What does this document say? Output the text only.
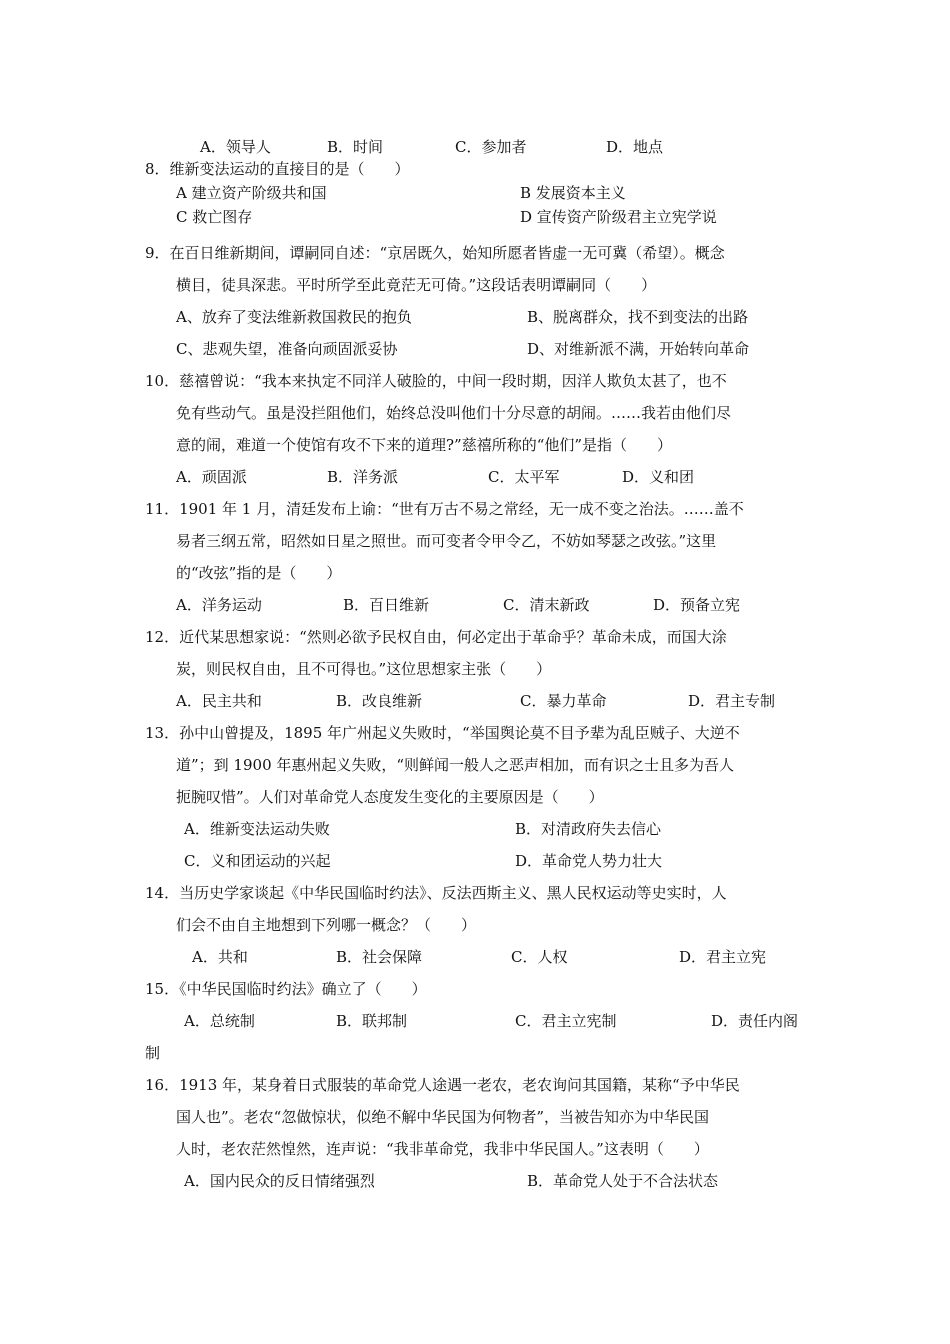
A．领导人	B．时间	C．参加者	D．地点
8．维新变法运动的直接目的是（　　）
A 建立资产阶级共和国	B 发展资本主义
C 救亡图存	D 宣传资产阶级君主立宪学说
9．在百日维新期间，谭嗣同自述：“京居既久，始知所愿者皆虚一无可冀（希望）。概念
横目，徒具深悲。平时所学至此竟茫无可倚。”这段话表明谭嗣同（　　）
A、放弃了变法维新救国救民的抱负	B、脱离群众，找不到变法的出路
C、悲观失望，准备向顽固派妥协	D、对维新派不满，开始转向革命
10．慈禧曾说：“我本来执定不同洋人破脸的，中间一段时期，因洋人欺负太甚了，也不
免有些动气。虽是没拦阻他们，始终总没叫他们十分尽意的胡闹。……我若由他们尽
意的闹，难道一个使馆有攻不下来的道理?”慈禧所称的“他们”是指（　　）
A．顽固派	B．洋务派	C．太平军	D．义和团
11．1901 年 1 月，清廷发布上谕：“世有万古不易之常经，无一成不变之治法。……盖不
易者三纲五常，昭然如日星之照世。而可变者令甲令乙，不妨如琴瑟之改弦。”这里
的“改弦”指的是（　　）
A．洋务运动	B．百日维新	C．清末新政	D．预备立宪
12．近代某思想家说：“然则必欲予民权自由，何必定出于革命乎？革命未成，而国大涂
炭，则民权自由，且不可得也。”这位思想家主张（　　）
A．民主共和	B．改良维新	C．暴力革命	D．君主专制
13．孙中山曾提及，1895 年广州起义失败时，“举国舆论莫不目予辈为乱臣贼子、大逆不
道”；到 1900 年惠州起义失败，“则鲜闻一般人之恶声相加，而有识之士且多为吾人
扼腕叹惜”。人们对革命党人态度发生变化的主要原因是（　　）
A．维新变法运动失败	B．对清政府失去信心
C．义和团运动的兴起	D．革命党人势力壮大
14．当历史学家谈起《中华民国临时约法》、反法西斯主义、黑人民权运动等史实时，人
们会不由自主地想到下列哪一概念？（　　）
A．共和	B．社会保障	C．人权	D．君主立宪
15．《中华民国临时约法》确立了（　　）
A．总统制	B．联邦制	C．君主立宪制	D．责任内阁
制
16．1913 年，某身着日式服装的革命党人途遇一老农，老农询问其国籍，某称“予中华民
国人也”。老农“忽做惊状，似绝不解中华民国为何物者”，当被告知亦为中华民国
人时，老农茫然惶然，连声说：“我非革命党，我非中华民国人。”这表明（　　）
A．国内民众的反日情绪强烈	B．革命党人处于不合法状态
